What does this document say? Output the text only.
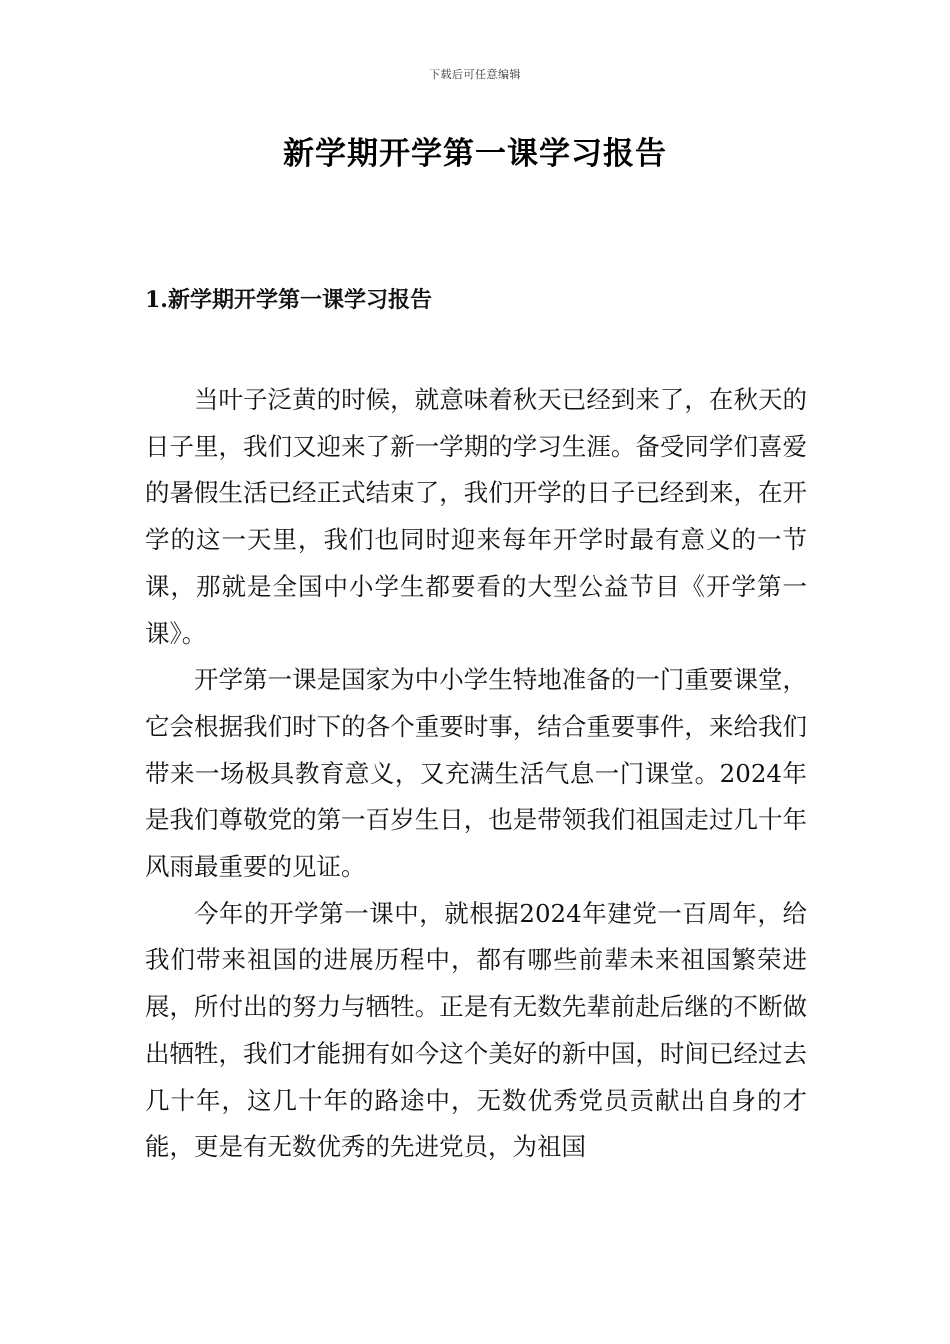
下载后可任意编辑
新学期开学第一课学习报告
1.新学期开学第一课学习报告

当叶子泛黄的时候，就意味着秋天已经到来了，在秋天的日子里，我们又迎来了新一学期的学习生涯。备受同学们喜爱的暑假生活已经正式结束了，我们开学的日子已经到来，在开学的这一天里，我们也同时迎来每年开学时最有意义的一节课，那就是全国中小学生都要看的大型公益节目《开学第一课》。

开学第一课是国家为中小学生特地准备的一门重要课堂，它会根据我们时下的各个重要时事，结合重要事件，来给我们带来一场极具教育意义，又充满生活气息一门课堂。2024年是我们尊敬党的第一百岁生日，也是带领我们祖国走过几十年风雨最重要的见证。

今年的开学第一课中，就根据2024年建党一百周年，给我们带来祖国的进展历程中，都有哪些前辈未来祖国繁荣进展，所付出的努力与牺牲。正是有无数先辈前赴后继的不断做出牺牲，我们才能拥有如今这个美好的新中国，时间已经过去几十年，这几十年的路途中，无数优秀党员贡献出自身的才能，更是有无数优秀的先进党员，为祖国
